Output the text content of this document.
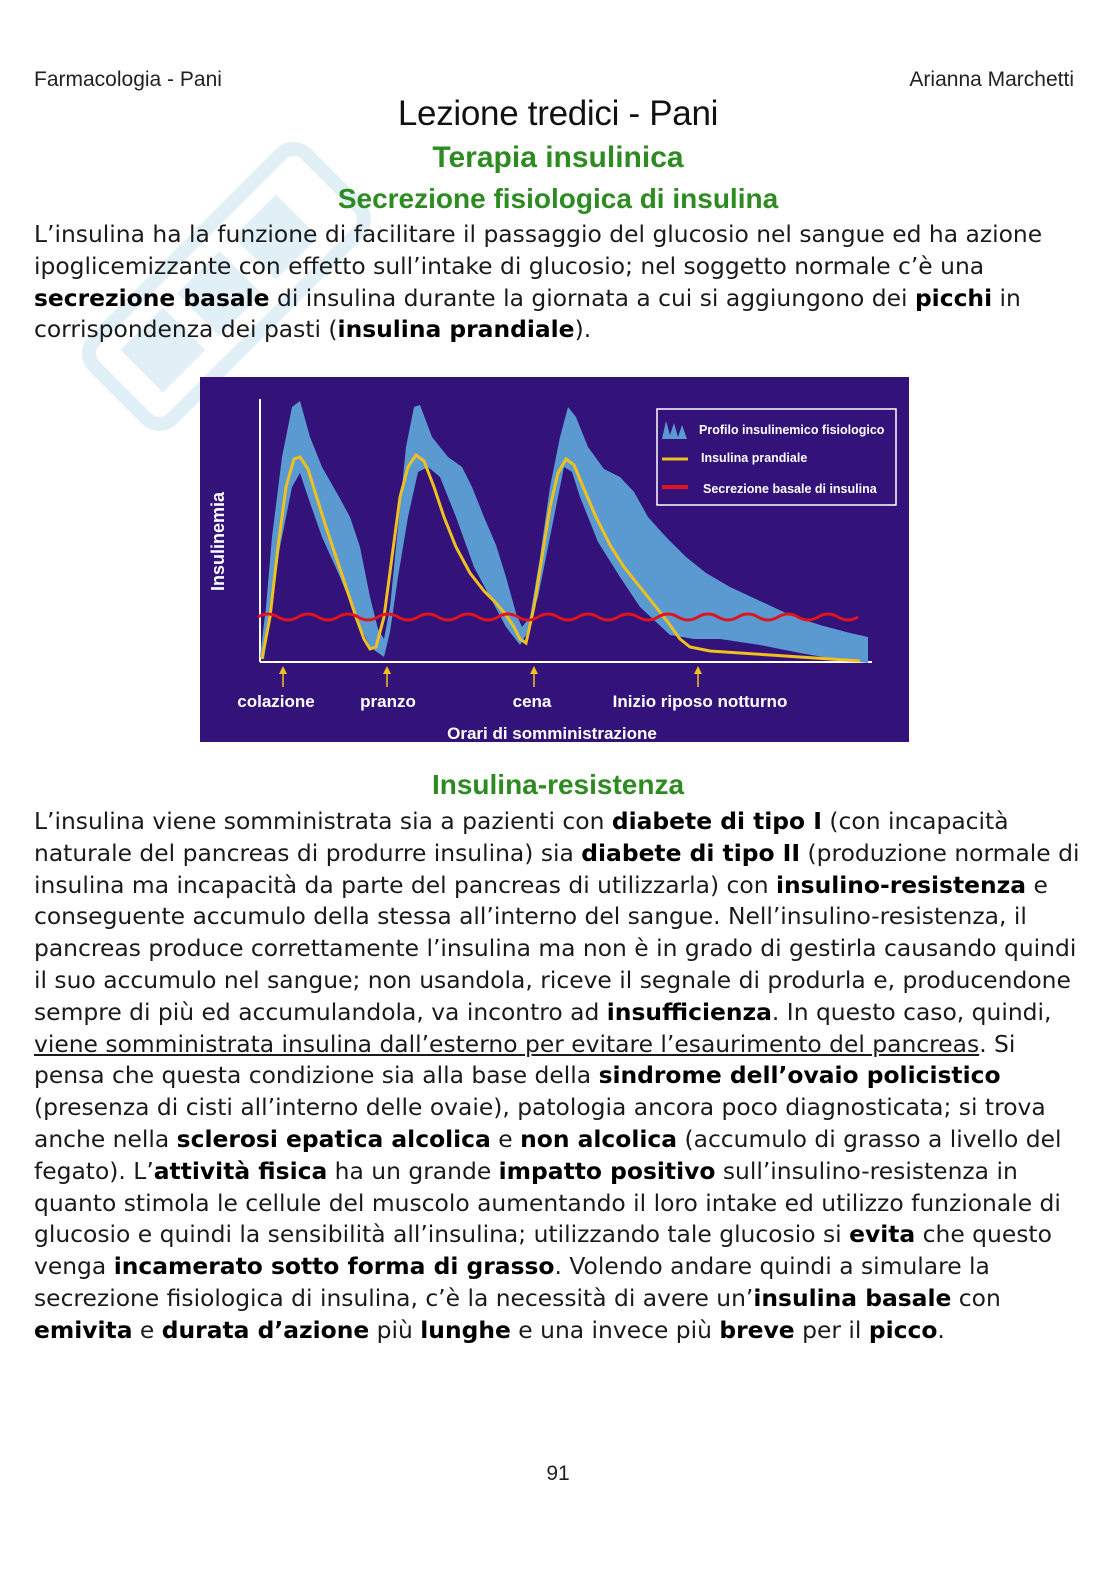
Farmacologia - Pani	Arianna Marchetti
Lezione tredici - Pani
Terapia insulinica
Secrezione fisiologica di insulina

L’insulina ha la funzione di facilitare il passaggio del glucosio nel sangue ed ha azione ipoglicemizzante con effetto sull’intake di glucosio; nel soggetto normale c’è una secrezione basale di insulina durante la giornata a cui si aggiungono dei picchi in corrispondenza dei pasti (insulina prandiale).

Profilo insulinemico fisiologico
Insulina prandiale
Secrezione basale di insulina
Insulinemia
colazione	pranzo	cena	Inizio riposo notturno
Orari di somministrazione
Insulina-resistenza

L’insulina viene somministrata sia a pazienti con diabete di tipo I (con incapacità naturale del pancreas di produrre insulina) sia diabete di tipo II (produzione normale di insulina ma incapacità da parte del pancreas di utilizzarla) con insulino-resistenza e conseguente accumulo della stessa all’interno del sangue. Nell’insulino-resistenza, il pancreas produce correttamente l’insulina ma non è in grado di gestirla causando quindi il suo accumulo nel sangue; non usandola, riceve il segnale di produrla e, producendone sempre di più ed accumulandola, va incontro ad insufficienza. In questo caso, quindi, viene somministrata insulina dall’esterno per evitare l’esaurimento del pancreas. Si pensa che questa condizione sia alla base della sindrome dell’ovaio policistico (presenza di cisti all’interno delle ovaie), patologia ancora poco diagnosticata; si trova anche nella sclerosi epatica alcolica e non alcolica (accumulo di grasso a livello del fegato). L’attività fisica ha un grande impatto positivo sull’insulino-resistenza in quanto stimola le cellule del muscolo aumentando il loro intake ed utilizzo funzionale di glucosio e quindi la sensibilità all’insulina; utilizzando tale glucosio si evita che questo venga incamerato sotto forma di grasso. Volendo andare quindi a simulare la secrezione fisiologica di insulina, c’è la necessità di avere un’insulina basale con emivita e durata d’azione più lunghe e una invece più breve per il picco.

91
